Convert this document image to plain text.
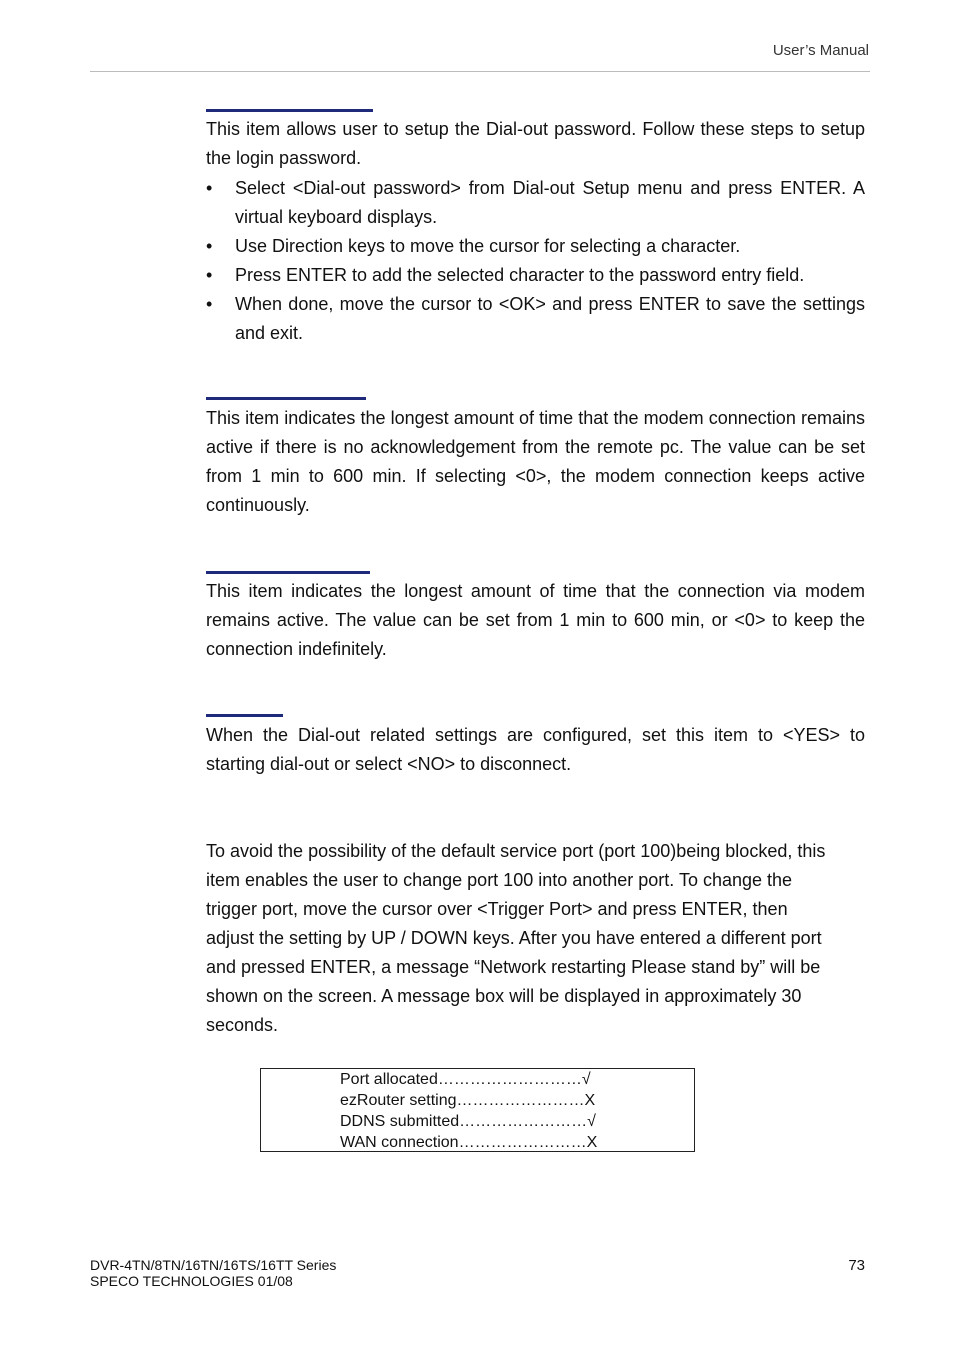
User’s Manual

This item allows user to setup the Dial-out password. Follow these steps to setup the login password.

• Select <Dial-out password> from Dial-out Setup menu and press ENTER. A virtual keyboard displays.
• Use Direction keys to move the cursor for selecting a character.
• Press ENTER to add the selected character to the password entry field.
• When done, move the cursor to <OK> and press ENTER to save the settings and exit.

This item indicates the longest amount of time that the modem connection remains active if there is no acknowledgement from the remote pc. The value can be set from 1 min to 600 min. If selecting <0>, the modem connection keeps active continuously.

This item indicates the longest amount of time that the connection via modem remains active. The value can be set from 1 min to 600 min, or <0> to keep the connection indefinitely.

When the Dial-out related settings are configured, set this item to <YES> to starting dial-out or select <NO> to disconnect.

To avoid the possibility of the default service port (port 100)being blocked, this
item enables the user to change port 100 into another port. To change the
trigger port, move the cursor over <Trigger Port> and press ENTER, then
adjust the setting by UP / DOWN keys. After you have entered a different port
and pressed ENTER, a message “Network restarting Please stand by” will be
shown on the screen. A message box will be displayed in approximately 30
seconds.
Port allocated………………………√
ezRouter setting……………………X
DDNS submitted……………………√
WAN connection……………………X
DVR-4TN/8TN/16TN/16TS/16TT Series
SPECO TECHNOLOGIES 01/08
73
